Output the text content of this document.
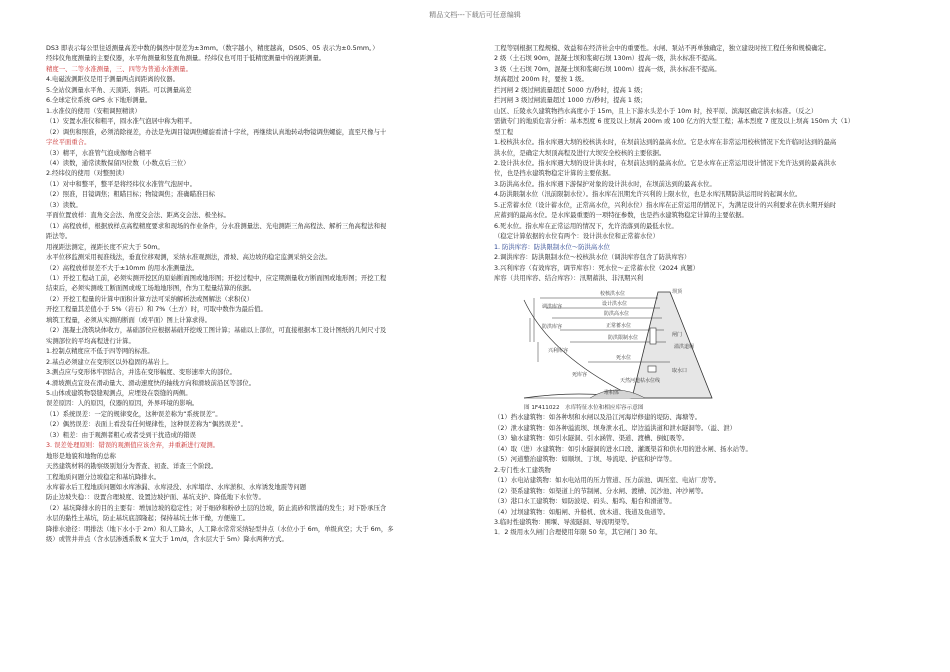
精品文档---下载后可任意编辑
DS3 即表示每公里往返测量高差中数的偶然中误差为±3mm。（数字越小，精度越高，DS05、05 表示为±0.5mm。）
经纬仪角度测量的主要仪器，水平角测量和竖直角测量。经纬仪也可用于低精度测量中的视距测量。
精度一、二等水准测量，三、四等为普通水准测量。
4.电磁波测距仪是用于测量两点间距离的仪器。
5.全站仪测量水平角、天顶距、斜距。可以测量高差
6.全球定位系统 GPS 水下地形测量。
1.水准仪的使用（安粗调照精读）
（1）安置水准仪和粗平，圆水准气泡居中称为粗平。
（2）调焦和照准，必须消除视差，办法是先调目镜调焦螺旋看清十字丝，再继续认真地转动物镜调焦螺旋，直至尺像与十
字丝平面重合。
（3）精平，水准管气泡成像吻合精平
（4）读数，通常读数保留四位数（小数点后三位）
2.经纬仪的使用（对整照读）
（1）对中和整平，整平是将经纬仪水准管气泡居中。
（2）照准，目镜调焦；粗瞄目标；物镜调焦；准确瞄准目标
（3）读数。
平面位置放样：直角交会法、角度交会法、距离交会法、极坐标。
（1）高程放样，根据放样点高程精度要求和现场的作业条件，分水准测量法、光电测距三角高程法、解析三角高程法和视
距法等。
用视距法测定，视距长度不应大于 50m。
水平位移监测采用视准线法，垂直位移观测，采纳水准观测法，滑坡、高边坡的稳定监测采纳交会法。
（2）高程放样误差不大于±10mm 的用水准测量法。
（1）开挖工程动工前，必须实测开挖区的原始断面图或地形图；开挖过程中，应定期测量收方断面图或地形图；开挖工程
结束后，必须实测竣工断面图或竣工场地地形图，作为工程量结算的依据。
（2）开挖工程量的计算中面积计算方法可采纳解析法或图解法（求积仪）
开挖工程量其差值小于 5%（岩石）和 7%（土方）时，可取中数作为最后值。
填筑工程量，必须从实测的断面（或平面）图上计算求得。
（2）混凝土浇筑块体收方，基础部位应根据基础开挖竣工图计算；基础以上部位，可直接根据本工设计图纸的几何尺寸及
实测部位的平均高程进行计算。
1.控制点精度应不低于四等网的标准。
2.基点必须建立在变形区以外稳固的基岩上。
3.测点应与变形体牢固结合，并选在变形幅度、变形速率大的部位。
4.滑坡测点宜设在滑动量大、滑动速度快的轴线方向和滑坡前沿区等部位。
5.山体或建筑物裂缝观测点，应埋设在裂缝的两侧。
误差原因：人的原因，仪器的原因，外界环境的影响。
（1）系统误差：一定的规律变化，这种误差称为“系统误差”。
（2）偶然误差：表面上看没有任何规律性，这种误差称为“偶然误差”。
（3）粗差：由于观测者粗心或者受到干扰造成的错误
3. 误差处理原则：错误的观测值应该舍弃，并重新进行观测。
地形是地貌和地物的总称
天然建筑材料的勘察级别划分为普查、初查、详查三个阶段。
工程地质问题分边坡稳定和基坑降排水。
水库蓄水后工程地质问题如水库渗漏、水库浸没、水库塌岸、水库淤积、水库诱发地震等问题
防止边坡失稳：：设置合理坡度、设置边坡护面、基坑支护、降低地下水位等。
（2）基坑降排水的目的主要有：增加边坡的稳定性；对于细砂和粉砂土层的边坡，防止流砂和管涌的发生；对下卧承压含
水层的黏性土基坑，防止基坑底部隆起；保持基坑土体干燥，方便施工。
降排水途径：明排法（地下水小于 2m）和人工降水，人工降水常常采纳轻型井点（水位小于 6m，单级真空；大于 6m，多
级）或管井井点（含水层渗透系数 K 宜大于 1m/d，含水层大于 5m）降水两种方式。
工程等别根据工程规模、效益和在经济社会中的重要性。水闸、泵站不再单独确定，独立建设时按工程任务和规模确定。
2 级（土石坝 90m，混凝土坝和浆砌石坝 130m）提高一级，洪水标准不提高。
3 级（土石坝 70m，混凝土坝和浆砌石坝 100m）提高一级，洪水标准不提高。
坝高超过 200m 时，要按 1 级。
拦河闸 2 级过闸流量超过 5000 方/秒时，提高 1 级；
拦河闸 3 级过闸流量超过 1000 方/秒时，提高 1 级；
山区、丘陵永久建筑物挡水高度小于 15m，且上下游水头差小于 10m 时，按平原、滨海区确定洪水标准。（反之）
需做专门的地质危害分析：基本烈度 6 度及以上坝高 200m 或 100 亿方的大型工程；基本烈度 7 度及以上坝高 150m 大（1）
型工程
1.校核洪水位。指水库遇大坝的校核洪水时，在坝前达到的最高水位。它是水库在非常运用校核情况下允许临时达到的最高
洪水位，是确定大坝顶高程及进行大坝安全校核的主要依据。
2.设计洪水位。指水库遇大坝的设计洪水时，在坝前达到的最高水位。它是水库在正常运用设计情况下允许达到的最高洪水
位，也是挡水建筑物稳定计算的主要依据。
3.防洪高水位。指水库遇下游保护对象的设计洪水时，在坝前达到的最高水位。
4.防洪限制水位（汛前限制水位）。指水库在汛期允许兴利的上限水位，也是水库汛期防洪运用时的起调水位。
5.正常蓄水位（设计蓄水位，正常高水位，兴利水位）指水库在正常运用的情况下，为满足设计的兴利要求在供水期开始时
应蓄到的最高水位。是水库最重要的一项特征参数，也是挡水建筑物稳定计算的主要依据。
6.死水位。指水库在正常运用的情况下，允许消落到的最低水位。
（稳定计算依据的水位有两个：设计洪水位和正常蓄水位）
1. 防洪库容：防洪限制水位～防洪高水位
2.调洪库容：防洪限制水位～校核洪水位（调洪库容包含了防洪库容）
3.兴利库容（有效库容，调节库容）：死水位～正常蓄水位（2024 真题）
库容（共用库容、结合库容）：汛期蓄洪、非汛期兴利
校核洪水位
设计洪水位
防洪高水位
正常蓄水位
防洪限制水位
死水位
调洪库容
防洪库容
兴利库容
死库容
坝顶
闸门
溢洪道堰
取水口
天然河道枯水位线
堆积体
图 1F411022　水库特征水位和相应库容示意图
（1）挡水建筑物：如各种坝和水闸以及沿江河海岸修建的堤防、海塘等。
（2）泄水建筑物：如各种溢流坝、坝身泄水孔、岸边溢洪道和泄水隧洞等。（溢、泄）
（3）输水建筑物：如引水隧洞、引水涵管、渠道、渡槽、倒虹吸等。
（4）取（进）水建筑物：如引水隧洞的进水口段、灌溉渠首和供水用的进水闸、扬水站等。
（5）河道整治建筑物：如顺坝、丁坝、导流堤、护底和护岸等。
2.专门性水工建筑物
（1）水电站建筑物：如水电站用的压力管道、压力前池、调压室、电站厂房等。
（2）渠系建筑物：如渠道上的节制闸、分水闸、渡槽、沉沙池、冲沙闸等。
（3）港口水工建筑物：如防波堤、码头、船坞、船台和滑道等。
（4）过坝建筑物：如船闸、升船机、放木道、筏道及鱼道等。
3.临时性建筑物：围堰、导流隧洞、导流明渠等。
1．2 级用永久闸门合理使用年限 50 年，其它闸门 30 年。
